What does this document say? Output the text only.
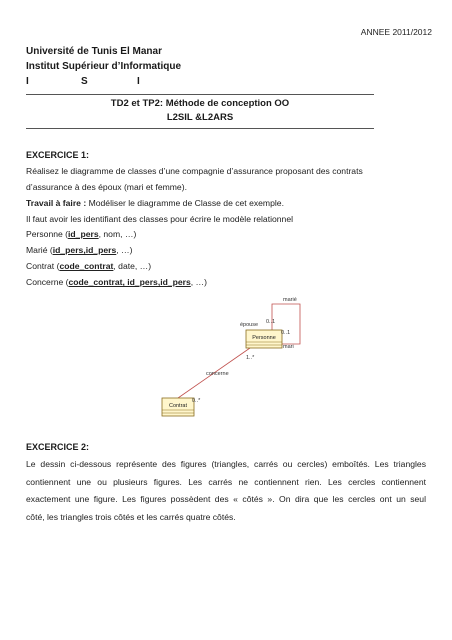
ANNEE 2011/2012
Université de Tunis El Manar
Institut Supérieur d’Informatique
I	S	I
TD2 et TP2: Méthode de conception OO
L2SIL &L2ARS
EXCERCICE 1:
Réalisez le diagramme de classes d’une compagnie d’assurance proposant des contrats
d’assurance à des époux (mari et femme).
Travail à faire : Modéliser le diagramme de Classe de cet exemple.
Il faut avoir les identifiant des classes pour écrire le modèle relationnel
Personne (id_pers, nom, …)
Marié (id_pers,id_pers, …)
Contrat (code_contrat, date, …)
Concerne (code_contrat, id_pers,id_pers, …)
Personne
Contrat
marié
épouse 0..1
0..1
mari
1..*
concerne
0..*
EXCERCICE 2:
Le dessin ci-dessous représente des figures (triangles, carrés ou cercles) emboîtés. Les triangles
contiennent une ou plusieurs figures. Les carrés ne contiennent rien. Les cercles contiennent
exactement une figure. Les figures possèdent des « côtés ». On dira que les cercles ont un seul
côté, les triangles trois côtés et les carrés quatre côtés.
